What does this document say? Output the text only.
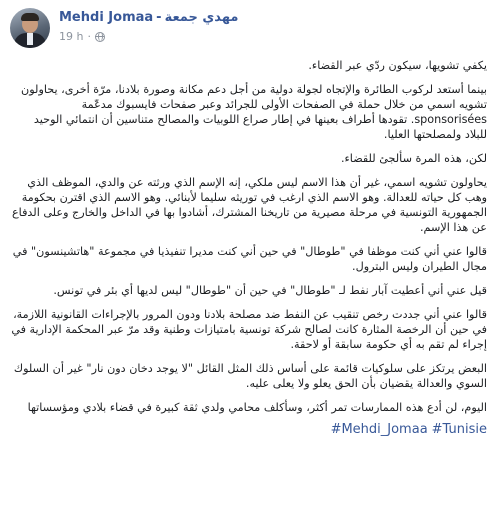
Mehdi Jomaa - مهدي جمعة
19 h ·

يكفي تشويها، سيكون ردّي عبر القضاء.

بينما أستعد لركوب الطائرة والإتجاه لجولة دولية من أجل دعم مكانة وصورة بلادنا، مرّة أخرى، يحاولون تشويه اسمي من خلال حملة في الصفحات الأولى للجرائد وعبر صفحات فايسبوك مدعّمة sponsorisées. تقودها أطراف بعينها في إطار صراع اللوبيات والمصالح متناسين أن انتمائي الوحيد للبلاد ولمصلحتها العليا.

لكن، هذه المرة سألجئ للقضاء.

يحاولون تشويه اسمي، غير أن هذا الاسم ليس ملكي، إنه الإسم الذي ورثته عن والدي، الموظف الذي وهب كل حياته للعدالة. وهو الاسم الذي ارغب في توريثه سليما لأبنائي. وهو الاسم الذي اقترن بحكومة الجمهورية التونسية في مرحلة مصيرية من تاريخنا المشترك، أشادوا بها في الداخل والخارج وعلى الدفاع عن هذا الإسم.

قالوا عني أني كنت موظفا في "طوطال" في حين أني كنت مديرا تنفيذيا في مجموعة "هاتشينسون" في مجال الطيران وليس البترول.

قيل عني أني أعطيت آبار نفط لـ "طوطال" في حين أن "طوطال" ليس لديها أي بئر في تونس.

قالوا عني أني جددت رخص تنقيب عن النفط ضد مصلحة بلادنا ودون المرور بالإجراءات القانونية اللازمة، في حين أن الرخصة المثارة كانت لصالح شركة تونسية بامتيازات وطنية وقد مرّ عبر المحكمة الإدارية في إجراء لم تقم به أي حكومة سابقة أو لاحقة.

البعض يرتكز على سلوكيات قائمة على أساس ذلك المثل القائل "لا يوجد دخان دون نار" غير أن السلوك السوي والعدالة يقضيان بأن الحق يعلو ولا يعلى عليه.

اليوم، لن أدع هذه الممارسات تمر أكثر، وسأكلف محامي ولدي ثقة كبيرة في قضاء بلادي ومؤسساتها

#Mehdi_Jomaa #Tunisie
